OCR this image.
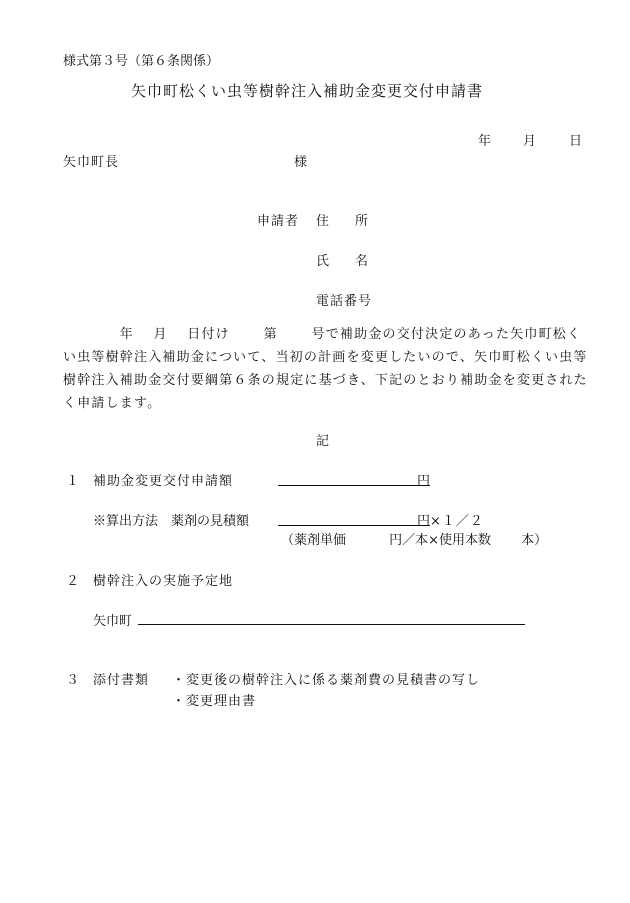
様式第３号（第６条関係）
矢巾町松くい虫等樹幹注入補助金変更交付申請書
年 月	日
矢巾町長	様
申請者 住　　所
氏　　名
電話番号
　　　　年　 月　 日付け　　 第　　 号で補助金の交付決定のあった矢巾町松くい虫等樹幹注入補助金について、当初の計画を変更したいので、矢巾町松くい虫等樹幹注入補助金交付要綱第６条の規定に基づき、下記のとおり補助金を変更されたく申請します。
記
１ 補助金変更交付申請額	円
※算出方法　薬剤の見積額	円 ×１／２
（薬剤単価　　　 円／本×使用本数　　 本）
２ 樹幹注入の実施予定地
矢巾町
３ 添付書類 ・変更後の樹幹注入に係る薬剤費の見積書の写し
・変更理由書
